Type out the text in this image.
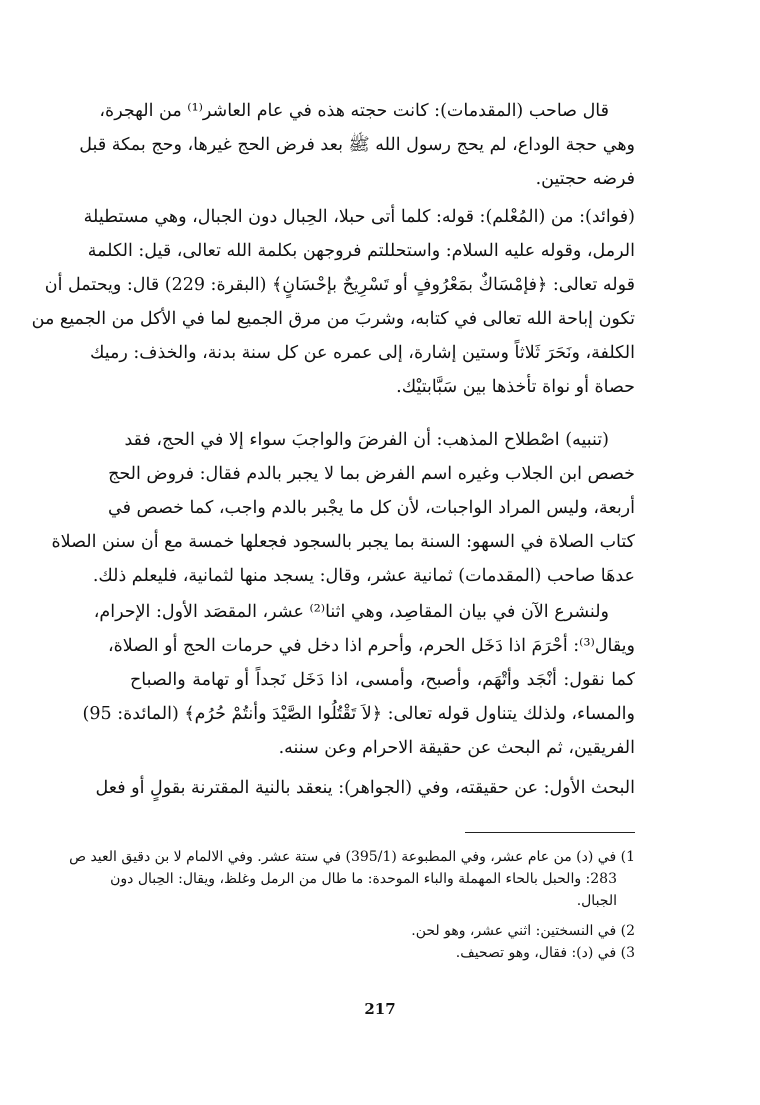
قال صاحب (المقدمات): كانت حجته هذه في عام العاشر⁽¹⁾ من الهجرة،
وهي حجة الوداع، لم يحج رسول الله ﷺ بعد فرض الحج غيرها، وحج بمكة قبل
فرضه حجتين.
(فوائد): من (المُعْلم): قوله: كلما أتى حبلا، الحِبال دون الجبال، وهي مستطيلة
الرمل، وقوله عليه السلام: واستحللتم فروجهن بكلمة الله تعالى، قيل: الكلمة
قوله تعالى: ﴿فإمْسَاكٌ بمَعْرُوفٍ أو تَسْرِيحٌ بإحْسَانٍ﴾ (البقرة: 229) قال: ويحتمل أن
تكون إباحة الله تعالى في كتابه، وشربَ من مرق الجميع لما في الأكل من الجميع من
الكلفة، ونَحَرَ ثَلاثاً وستين إشارة، إلى عمره عن كل سنة بدنة، والخذف: رميك
حصاة أو نواة تأخذها بين سَبَّابتيْك.
(تنبيه) اصْطلاح المذهب: أن الفرضَ والواجبَ سواء إلا في الحج، فقد
خصص ابن الجلاب وغيره اسم الفرض بما لا يجبر بالدم فقال: فروض الحج
أربعة، وليس المراد الواجبات، لأن كل ما يجْبر بالدم واجب، كما خصص في
كتاب الصلاة في السهو: السنة بما يجبر بالسجود فجعلها خمسة مع أن سنن الصلاة
عدهَا صاحب (المقدمات) ثمانية عشر، وقال: يسجد منها لثمانية، فليعلم ذلك.
ولنشرع الآن في بيان المقاصِد، وهي اثنا⁽²⁾ عشر، المقصَد الأول: الإحرام،
ويقال⁽³⁾: أحْرَمَ اذا دَخَل الحرم، وأحرم اذا دخل في حرمات الحج أو الصلاة،
كما نقول: أنْجَد وأتْهَم، وأصبح، وأمسى، اذا دَخَل نَجداً أو تهامة والصباح
والمساء، ولذلك يتناول قوله تعالى: ﴿لاَ تَقْتُلُوا الصَّيْدَ وأنتُمْ حُرُم﴾ (المائدة: 95)
الفريقين، ثم البحث عن حقيقة الاحرام وعن سننه.
البحث الأول: عن حقيقته، وفي (الجواهر): ينعقد بالنية المقترنة بقولٍ أو فعل
1) في (د) من عام عشر، وفي المطبوعة (395/1) في ستة عشر. وفي الالمام لا بن دقيق العيد ص
283: والحبل بالحاء المهملة والباء الموحدة: ما طال من الرمل وغلظ، ويقال: الحِبال دون
الجبال.
2) في النسختين: اثني عشر، وهو لحن.
3) في (د): فقال، وهو تصحيف.
217
